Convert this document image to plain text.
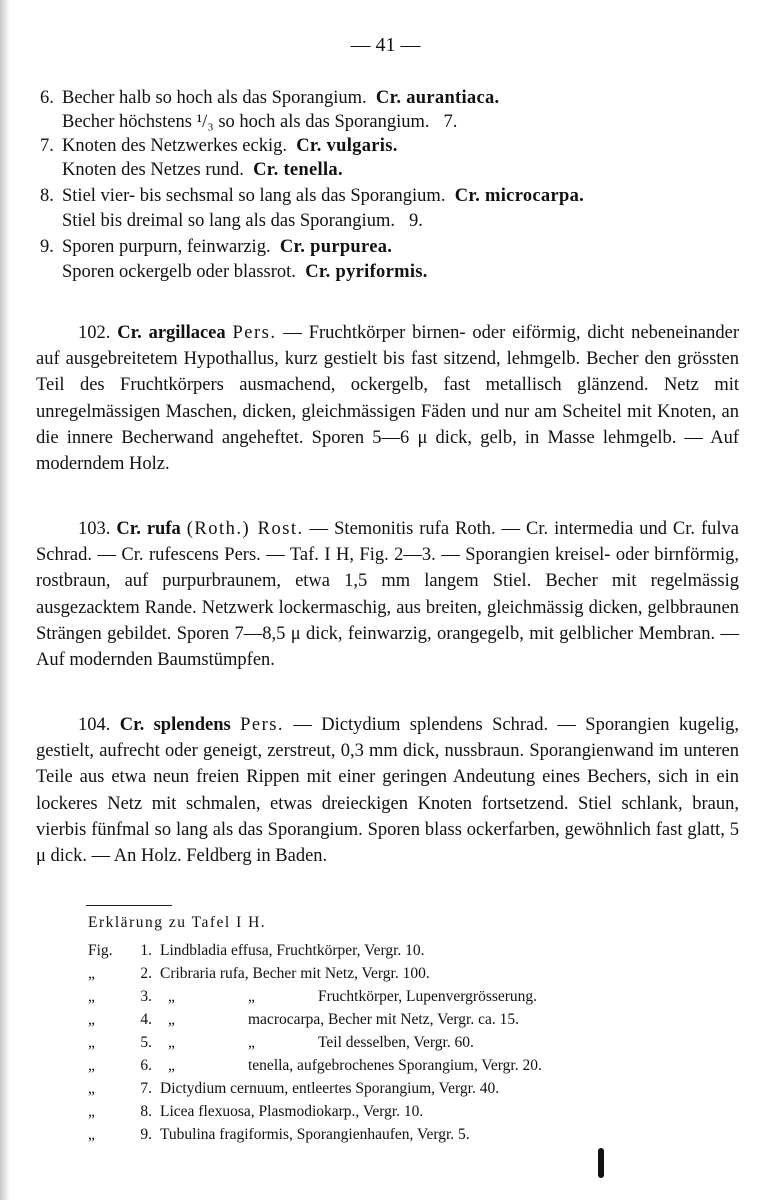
— 41 —
6. Becher halb so hoch als das Sporangium. Cr. aurantiaca.
Becher höchstens ¹/₃ so hoch als das Sporangium. 7.
7. Knoten des Netzwerkes eckig. Cr. vulgaris.
Knoten des Netzes rund. Cr. tenella.
8. Stiel vier- bis sechsmal so lang als das Sporangium. Cr. microcarpa.
Stiel bis dreimal so lang als das Sporangium. 9.
9. Sporen purpurn, feinwarzig. Cr. purpurea.
Sporen ockergelb oder blassrot. Cr. pyriformis.
102. Cr. argillacea Pers. — Fruchtkörper birnen- oder eiförmig, dicht nebeneinander auf ausgebreitetem Hypothallus, kurz gestielt bis fast sitzend, lehmgelb. Becher den grössten Teil des Fruchtkörpers ausmachend, ockergelb, fast metallisch glänzend. Netz mit unregelmässigen Maschen, dicken, gleichmässigen Fäden und nur am Scheitel mit Knoten, an die innere Becherwand angeheftet. Sporen 5—6 μ dick, gelb, in Masse lehmgelb. — Auf moderndem Holz.
103. Cr. rufa (Roth.) Rost. — Stemonitis rufa Roth. — Cr. intermedia und Cr. fulva Schrad. — Cr. rufescens Pers. — Taf. I H, Fig. 2—3. — Sporangien kreisel- oder birnförmig, rostbraun, auf purpurbraunem, etwa 1,5 mm langem Stiel. Becher mit regelmässig ausgezacktem Rande. Netzwerk lockermaschig, aus breiten, gleichmässig dicken, gelbbraunen Strängen gebildet. Sporen 7—8,5 μ dick, feinwarzig, orangegelb, mit gelblicher Membran. — Auf modernden Baumstümpfen.
104. Cr. splendens Pers. — Dictydium splendens Schrad. — Sporangien kugelig, gestielt, aufrecht oder geneigt, zerstreut, 0,3 mm dick, nussbraun. Sporangienwand im unteren Teile aus etwa neun freien Rippen mit einer geringen Andeutung eines Bechers, sich in ein lockeres Netz mit schmalen, etwas dreieckigen Knoten fortsetzend. Stiel schlank, braun, vierbis fünfmal so lang als das Sporangium. Sporen blass ockerfarben, gewöhnlich fast glatt, 5 μ dick. — An Holz. Feldberg in Baden.
Erklärung zu Tafel I H.
Fig. 1. Lindbladia effusa, Fruchtkörper, Vergr. 10.
„	2. Cribraria rufa, Becher mit Netz, Vergr. 100.
„	3. „	„	Fruchtkörper, Lupenvergrösserung.
„	4. „	macrocarpa, Becher mit Netz, Vergr. ca. 15.
„	5. „	„	Teil desselben, Vergr. 60.
„	6. „	tenella, aufgebrochenes Sporangium, Vergr. 20.
„	7. Dictydium cernuum, entleertes Sporangium, Vergr. 40.
„	8. Licea flexuosa, Plasmodiokarp., Vergr. 10.
„	9. Tubulina fragiformis, Sporangienhaufen, Vergr. 5.
